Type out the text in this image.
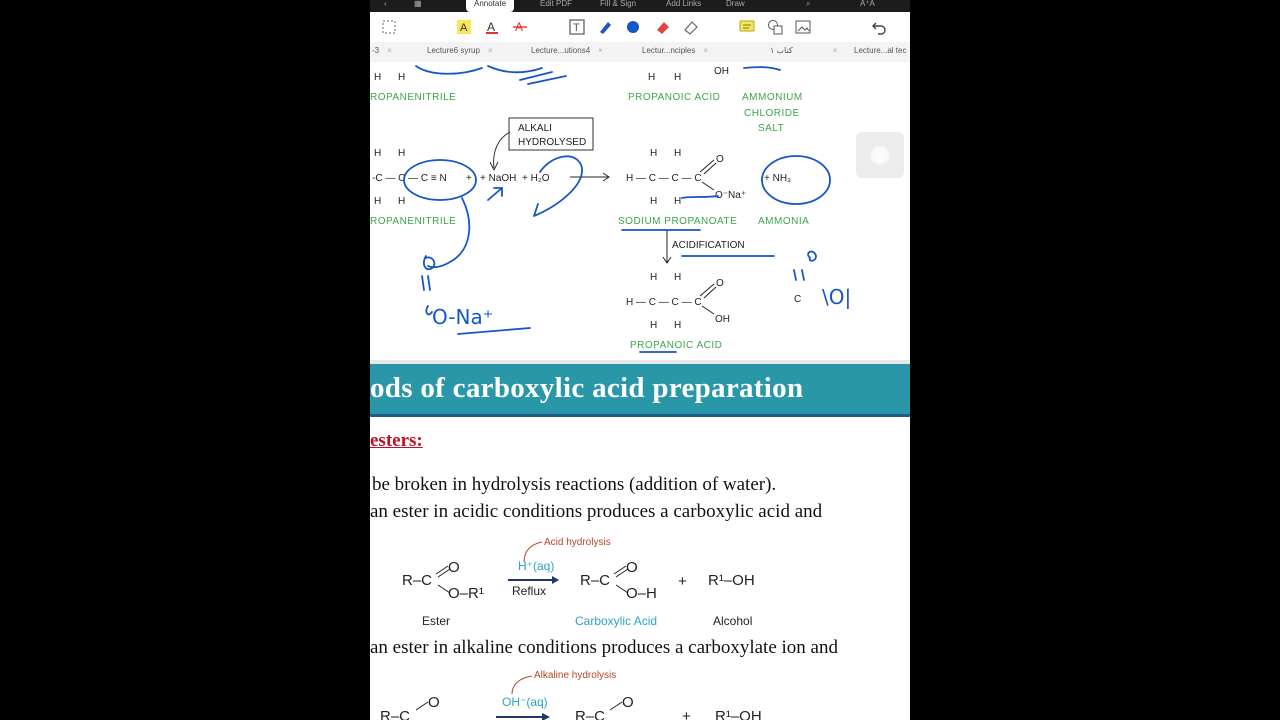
‹	▦	Annotate	Edit PDF	Fill & Sign	Add Links	Draw	⌕	A⁺A
A A A	T
-3 ×	Lecture6 syrup ×	Lecture...utions4 ×	Lectur...nciples ×	كتاب ١	× Lecture...al tec
H H	H H
OH
ROPANENITRILE	PROPANOIC ACID AMMONIUM
CHLORIDE
SALT
ALKALI
HYDROLYSED
H H
-C — C — C ≡ N
H H
+ + NaOH + H₂O
ROPANENITRILE
H H
H — C — C — C
H H
O
O⁻Na⁺
SODIUM PROPANOATE
+ NH₃
AMMONIA
ACIDIFICATION
H H
H — C — C — C
H H
O
OH
PROPANOIC ACID
O-Na⁺
C \O|
ods of carboxylic acid preparation
esters:
be broken in hydrolysis reactions (addition of water).
an ester in acidic conditions produces a carboxylic acid and
an ester in alkaline conditions produces a carboxylate ion and
R–C
O
O–R¹
Ester
Acid hydrolysis
H⁺(aq)
Reflux
R–C
O
O–H
Carboxylic Acid
+ R¹–OH
Alcohol
Alkaline hydrolysis
OH⁻(aq)
R–C
O
R–C
O
+ R¹–OH
